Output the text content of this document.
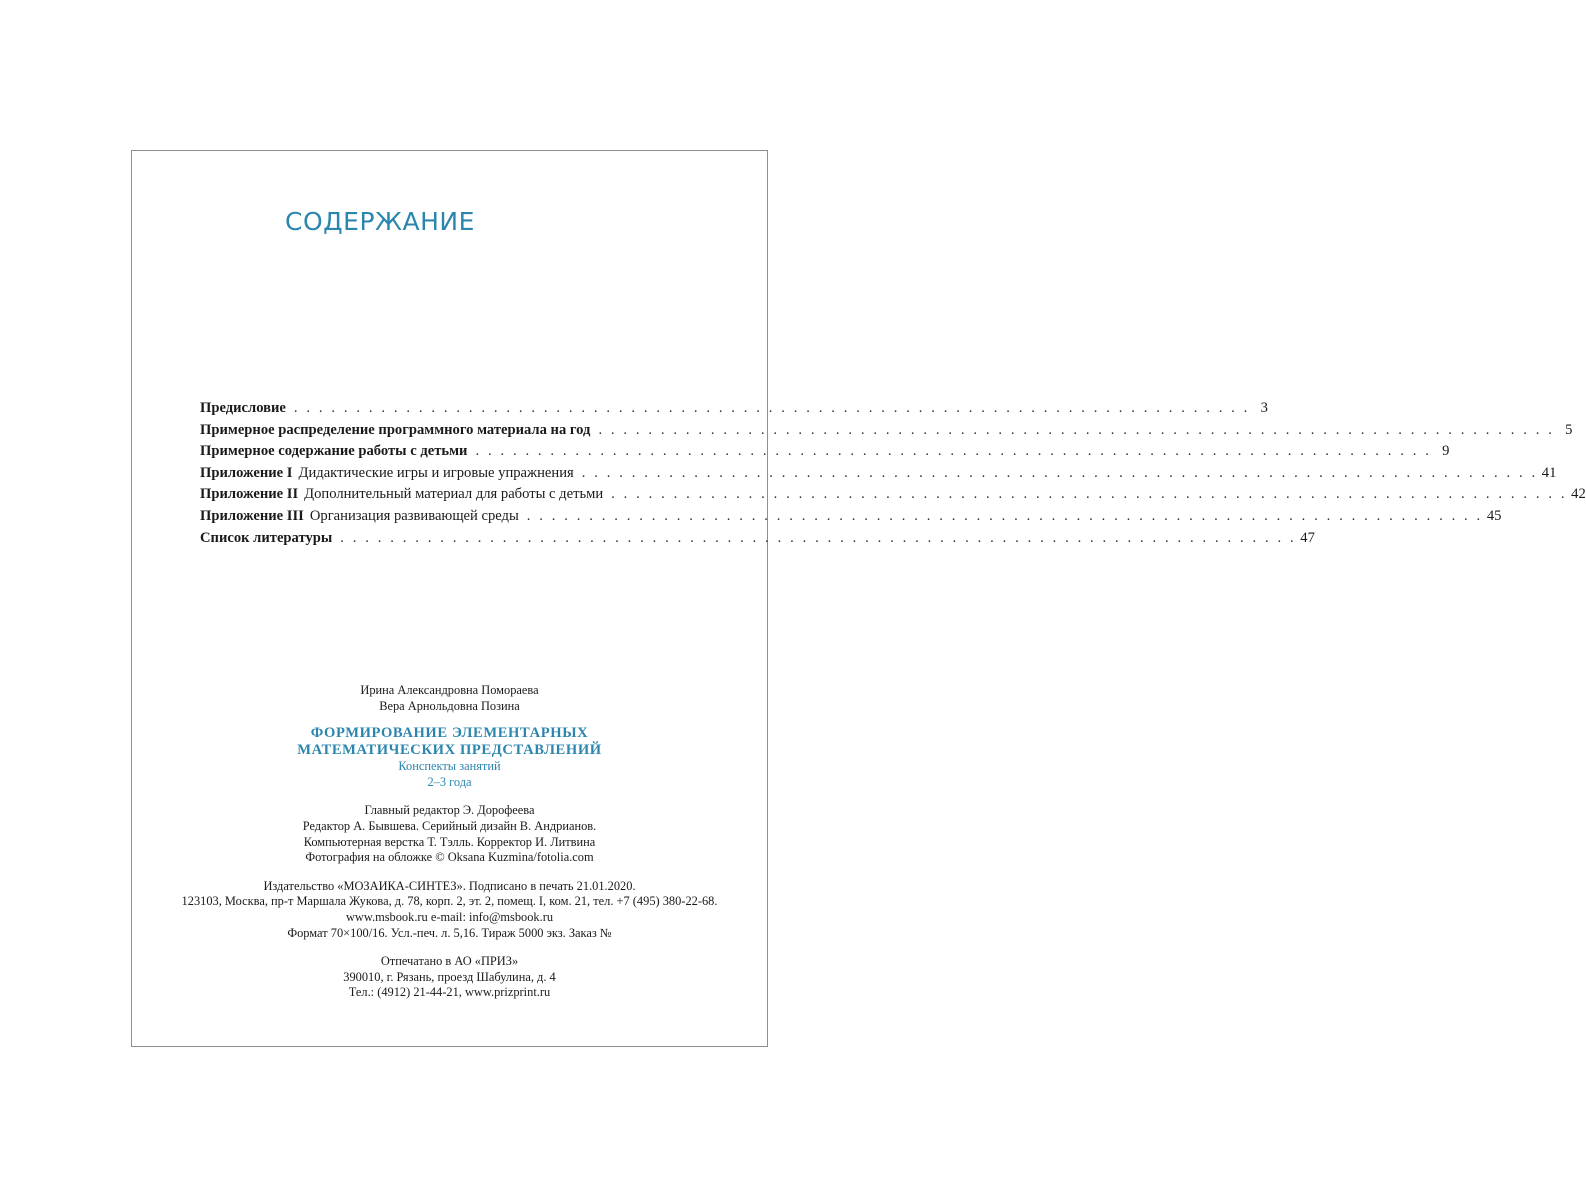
СОДЕРЖАНИЕ
Предисловие . . . . . . . . . . . . . . . . . . . . . . . . . . . . . . . . . . . . . . . . . . . . . . . . . . . . . . . . . . . . . . . . . . . . . . . . . . . . . 3
Примерное распределение программного материала на год . . . . . . . . . . . . . . . . . . . . . . . . . . . . . . . . . . . . . . . . . . . . . . . . . . . . . . . . . . . . . . . . . . . . . . . . . . . . . 5
Примерное содержание работы с детьми . . . . . . . . . . . . . . . . . . . . . . . . . . . . . . . . . . . . . . . . . . . . . . . . . . . . . . . . . . . . . . . . . . . . . . . . . . . . . 9
Приложение I Дидактические игры и игровые упражнения . . . . . . . . . . . . . . . . . . . . . . . . . . . . . . . . . . . . . . . . . . . . . . . . . . . . . . . . . . . . . . . . . . . . . . . . . . . . . 41
Приложение II Дополнительный материал для работы с детьми . . . . . . . . . . . . . . . . . . . . . . . . . . . . . . . . . . . . . . . . . . . . . . . . . . . . . . . . . . . . . . . . . . . . . . . . . . . . . 42
Приложение III Организация развивающей среды . . . . . . . . . . . . . . . . . . . . . . . . . . . . . . . . . . . . . . . . . . . . . . . . . . . . . . . . . . . . . . . . . . . . . . . . . . . . . 45
Список литературы . . . . . . . . . . . . . . . . . . . . . . . . . . . . . . . . . . . . . . . . . . . . . . . . . . . . . . . . . . . . . . . . . . . . . . . . . . . . . 47
Ирина Александровна Помораева
Вера Арнольдовна Позина
ФОРМИРОВАНИЕ ЭЛЕМЕНТАРНЫХ
МАТЕМАТИЧЕСКИХ ПРЕДСТАВЛЕНИЙ
Конспекты занятий
2–3 года
Главный редактор Э. Дорофеева
Редактор А. Бывшева. Серийный дизайн В. Андрианов.
Компьютерная верстка Т. Тэлль. Корректор И. Литвина
Фотография на обложке © Oksana Kuzmina/fotolia.com
Издательство «МОЗАИКА-СИНТЕЗ». Подписано в печать 21.01.2020.
123103, Москва, пр-т Маршала Жукова, д. 78, корп. 2, эт. 2, помещ. I, ком. 21, тел. +7 (495) 380-22-68.
www.msbook.ru e-mail: info@msbook.ru
Формат 70×100/16. Усл.-печ. л. 5,16. Тираж 5000 экз. Заказ №
Отпечатано в АО «ПРИЗ»
390010, г. Рязань, проезд Шабулина, д. 4
Тел.: (4912) 21-44-21, www.prizprint.ru
